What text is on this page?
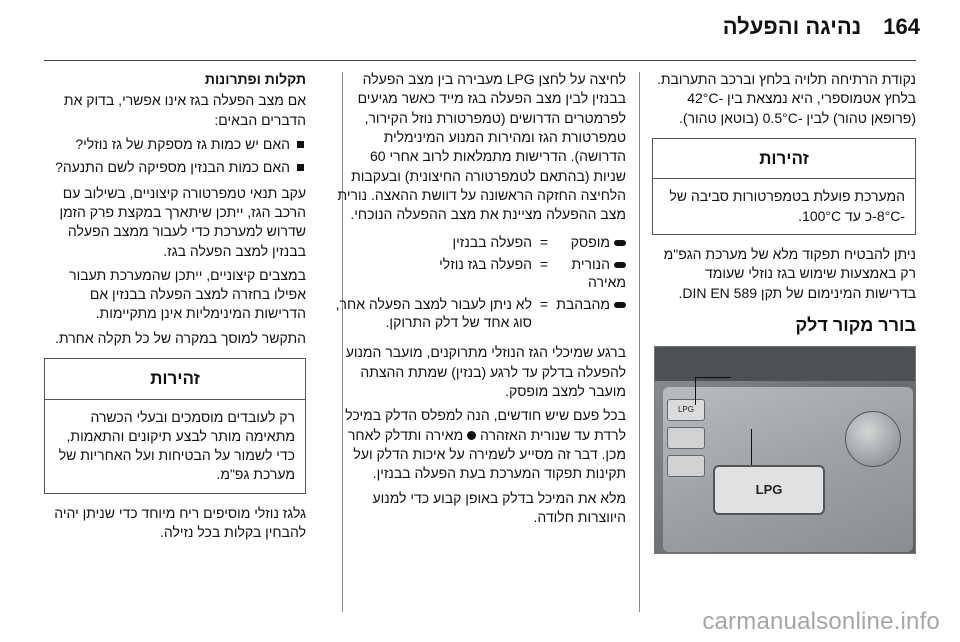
164
נהיגה והפעלה

נקודת הרתיחה תלויה בלחץ וברכב התערובת. בלחץ אטמוספרי, היא נמצאת בין -42°C (פרופאן טהור) לבין -0.5°C (בוטאן טהור).

זהירות
המערכת פועלת בטמפרטורות סביבה של -8°C-כ עד 100°C.

ניתן להבטיח תפקוד מלא של מערכת הגפ"מ רק באמצעות שימוש בגז נוזלי שעומד בדרישות המינימום של תקן DIN EN 589.

בורר מקור דלק
LPG
LPG

לחיצה על לחצן LPG מעבירה בין מצב הפעלה בבנזין לבין מצב הפעלה בגז מייד כאשר מגיעים לפרמטרים הדרושים (טמפרטורת נוזל הקירור, טמפרטורת הגז ומהירות המנוע המינימלית הדרושה). הדרישות מתמלאות לרוב אחרי 60 שניות (בהתאם לטמפרטורה החיצונית) ובעקבות הלחיצה החזקה הראשונה על דוושת ההאצה. נורית מצב ההפעלה מציינת את מצב ההפעלה הנוכחי.

מופסק	=	הפעלה בבנזין
הנורית מאירה	=	הפעלה בגז נוזלי
מהבהבת	=	לא ניתן לעבור למצב הפעלה אחר, סוג אחד של דלק התרוקן.

ברגע שמיכלי הגז הנוזלי מתרוקנים, מועבר המנוע להפעלה בדלק עד לרגע (בנזין) שמתת ההצתה מועבר למצב מופסק.

בכל פעם שיש חודשים, הנה למפלס הדלק במיכל לרדת עד שנורית האזהרה  מאירה ותדלק לאחר מכן. דבר זה מסייע לשמירה על איכות הדלק ועל תקינות תפקוד המערכת בעת הפעלה בבנזין.

מלא את המיכל בדלק באופן קבוע כדי למנוע היווצרות חלודה.

תקלות ופתרונות

אם מצב הפעלה בגז אינו אפשרי, בדוק את הדברים הבאים:

האם יש כמות גז מספקת של גז נוזלי?
האם כמות הבנזין מספיקה לשם התנעה?

עקב תנאי טמפרטורה קיצוניים, בשילוב עם הרכב הגז, ייתכן שיתארך במקצת פרק הזמן שדרוש למערכת כדי לעבור ממצב הפעלה בבנזין למצב הפעלה בגז.

במצבים קיצוניים, ייתכן שהמערכת תעבור אפילו בחזרה למצב הפעלה בבנזין אם הדרישות המינימליות אינן מתקיימות.

התקשר למוסך במקרה של כל תקלה אחרת.

זהירות
רק לעובדים מוסמכים ובעלי הכשרה מתאימה מותר לבצע תיקונים והתאמות, כדי לשמור על הבטיחות ועל האחריות של מערכת גפ"מ.

גלגז נוזלי מוסיפים ריח מיוחד כדי שניתן יהיה להבחין בקלות בכל נזילה.

carmanualsonline.info
